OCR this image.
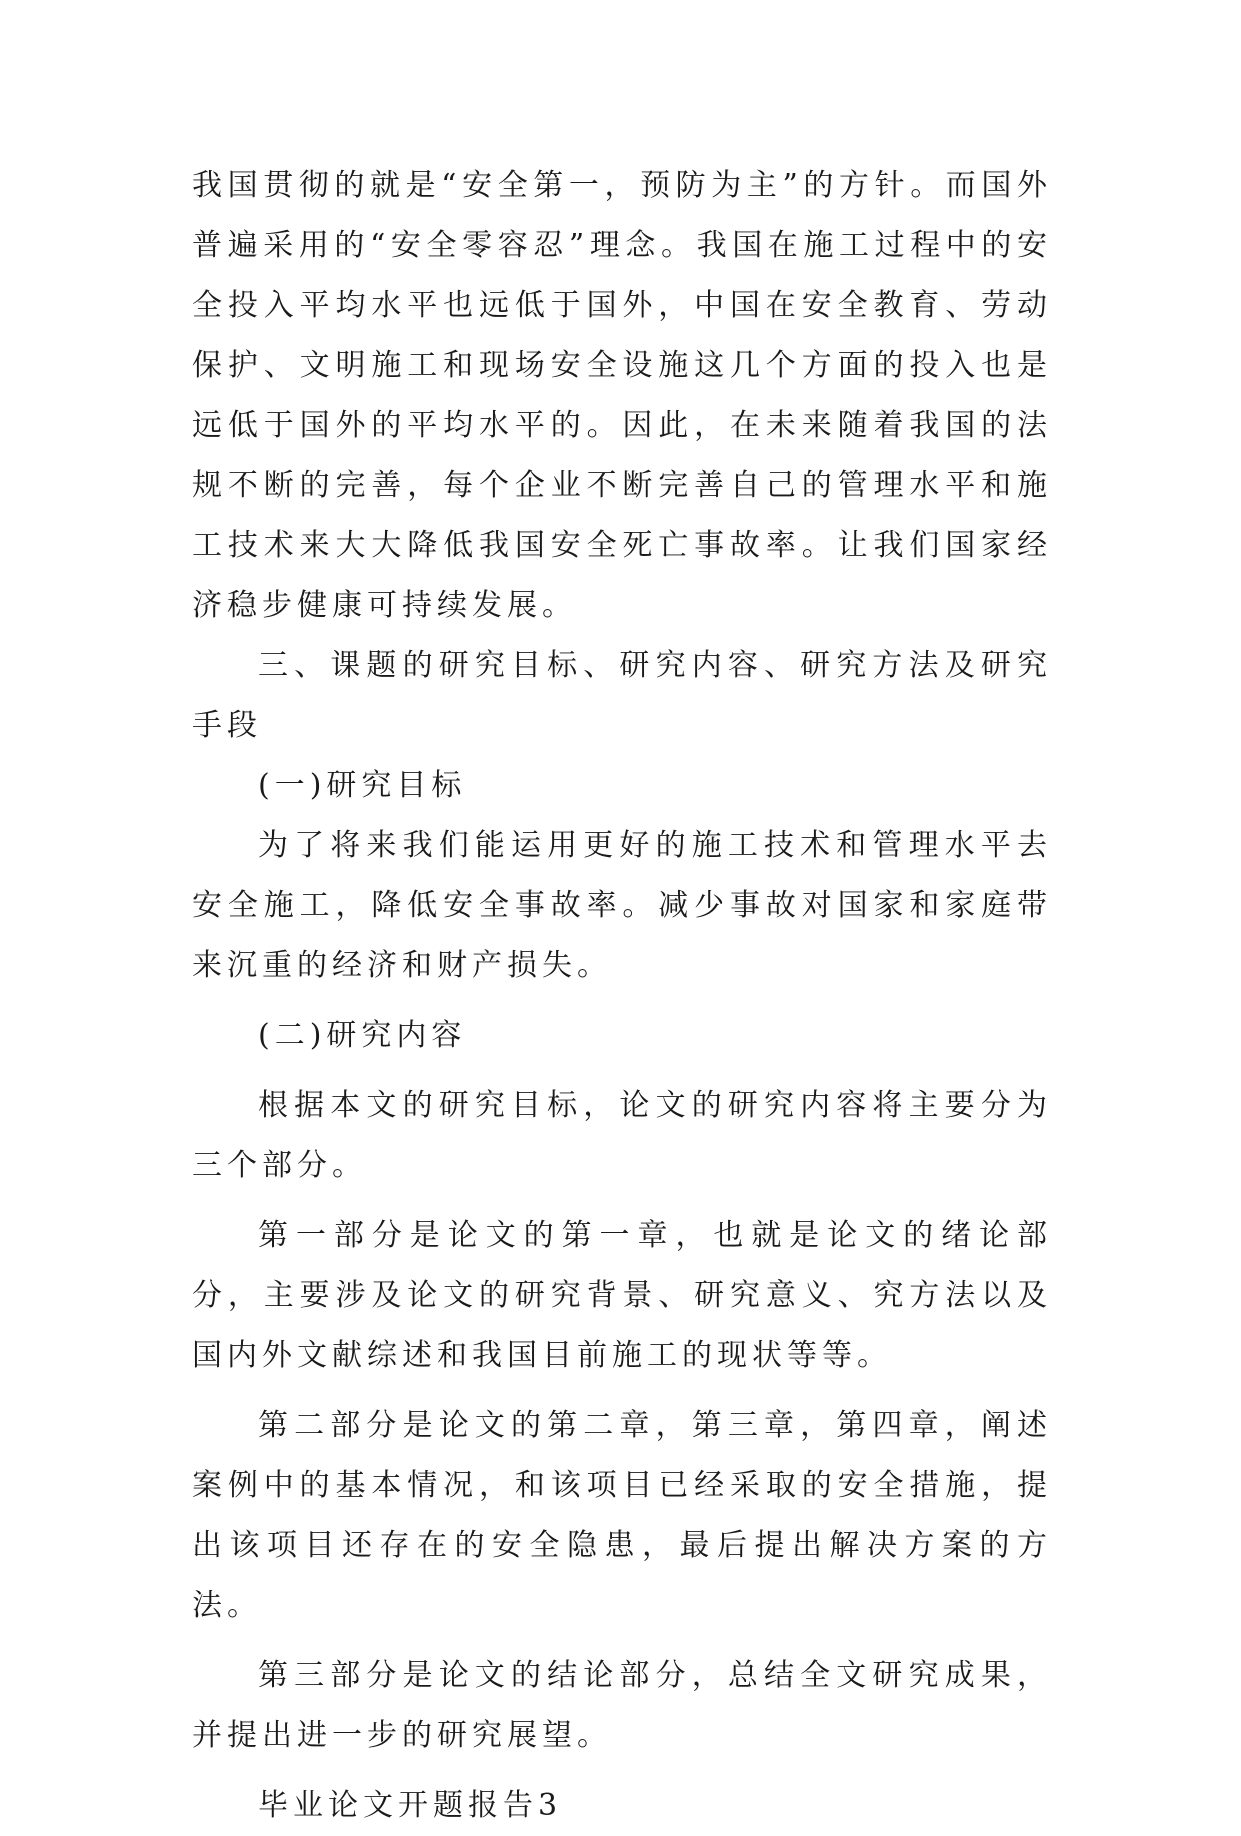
我国贯彻的就是“安全第一，预防为主”的方针。而国外普遍采用的“安全零容忍”理念。我国在施工过程中的安全投入平均水平也远低于国外，中国在安全教育、劳动保护、文明施工和现场安全设施这几个方面的投入也是远低于国外的平均水平的。因此，在未来随着我国的法规不断的完善，每个企业不断完善自己的管理水平和施工技术来大大降低我国安全死亡事故率。让我们国家经济稳步健康可持续发展。

三、课题的研究目标、研究内容、研究方法及研究手段

(一)研究目标

为了将来我们能运用更好的施工技术和管理水平去安全施工，降低安全事故率。减少事故对国家和家庭带来沉重的经济和财产损失。

(二)研究内容

根据本文的研究目标，论文的研究内容将主要分为三个部分。

第一部分是论文的第一章，也就是论文的绪论部分，主要涉及论文的研究背景、研究意义、究方法以及国内外文献综述和我国目前施工的现状等等。

第二部分是论文的第二章，第三章，第四章，阐述案例中的基本情况，和该项目已经采取的安全措施，提出该项目还存在的安全隐患，最后提出解决方案的方法。

第三部分是论文的结论部分，总结全文研究成果，并提出进一步的研究展望。

毕业论文开题报告3
